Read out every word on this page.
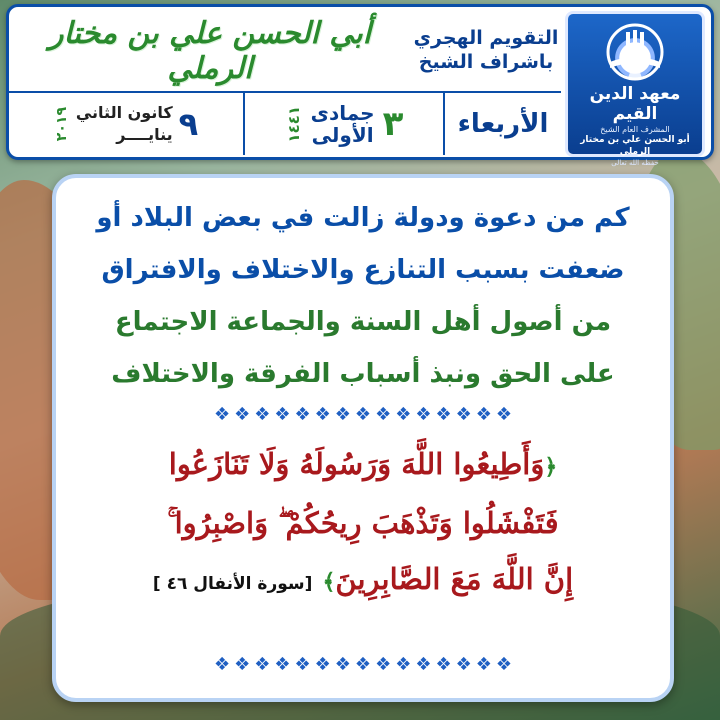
معهد الدين القيم
المشرف العام الشيخ
أبو الحسن علي بن مختار الرملي
حفظه الله تعالى
التقويم الهجري
باشراف الشيخ
أبي الحسن علي بن مختار الرملي
الأربعاء
٣
جمادى
الأولى
١٤٤١
٩
كانون الثاني
ينايــــر
٢٠١٩
كم من دعوة ودولة زالت في بعض البلاد أو
ضعفت بسبب التنازع والاختلاف والافتراق
من أصول أهل السنة والجماعة الاجتماع
على الحق ونبذ أسباب الفرقة والاختلاف
❖ ❖ ❖ ❖ ❖ ❖ ❖ ❖ ❖ ❖ ❖ ❖ ❖ ❖ ❖
﴿وَأَطِيعُوا اللَّهَ وَرَسُولَهُ وَلَا تَنَازَعُوا
فَتَفْشَلُوا وَتَذْهَبَ رِيحُكُمْ ۖ وَاصْبِرُوا ۚ
إِنَّ اللَّهَ مَعَ الصَّابِرِينَ﴾ [سورة الأنفال ٤٦ ]
❖ ❖ ❖ ❖ ❖ ❖ ❖ ❖ ❖ ❖ ❖ ❖ ❖ ❖ ❖
